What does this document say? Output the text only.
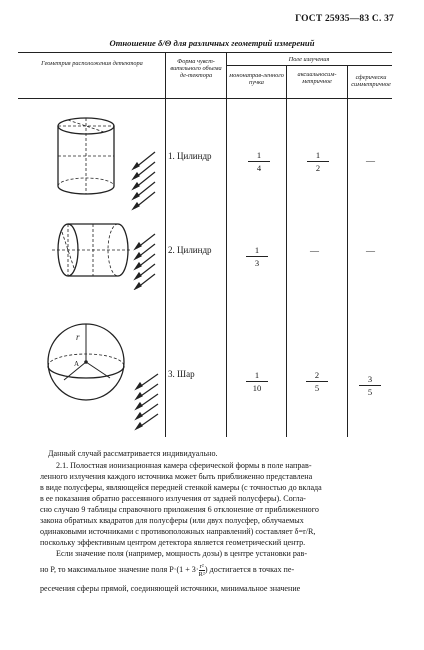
ГОСТ 25935—83 С. 37
Отношение δ/Θ для различных геометрий измерений
Геометрия расположения детектора	Форма чувст-вительного объема де-тектора
Поле излучения
мононаправ-ленного пучка
аксиальносим-метричное
сферически симметричное
r
A
1. Цилиндр	$\frac{1}{4}$	$\frac{1}{2}$	—
2. Цилиндр	$\frac{1}{3}$	—	—
3. Шар	$\frac{1}{10}$	$\frac{2}{5}$	$\frac{3}{5}$
Данный случай рассматривается индивидуально.
2.1. Полостная ионизационная камера сферической формы в поле направ-
ленного излучения каждого источника может быть приближенно представлена
в виде полусферы, являющейся передней стенкой камеры (с точностью до вклада
в ее показания обратно рассеянного излучения от задней полусферы). Согла-
сно случаю 9 таблицы справочного приложения 6 отклонение от приближенного
закона обратных квадратов для полусферы (или двух полусфер, облучаемых
одинаковыми источниками с противоположных направлений) составляет δ=r/R,
поскольку эффективным центром детектора является геометрический центр.
Если значение поля (например, мощность дозы) в центре установки рав-
но P, то максимальное значение поля $P\cdot(1 + 3\cdot \frac{\text{r²}}{\text{R²}}$ ) достигается в точках пе-
ресечения сферы прямой, соединяющей источники, минимальное значение
